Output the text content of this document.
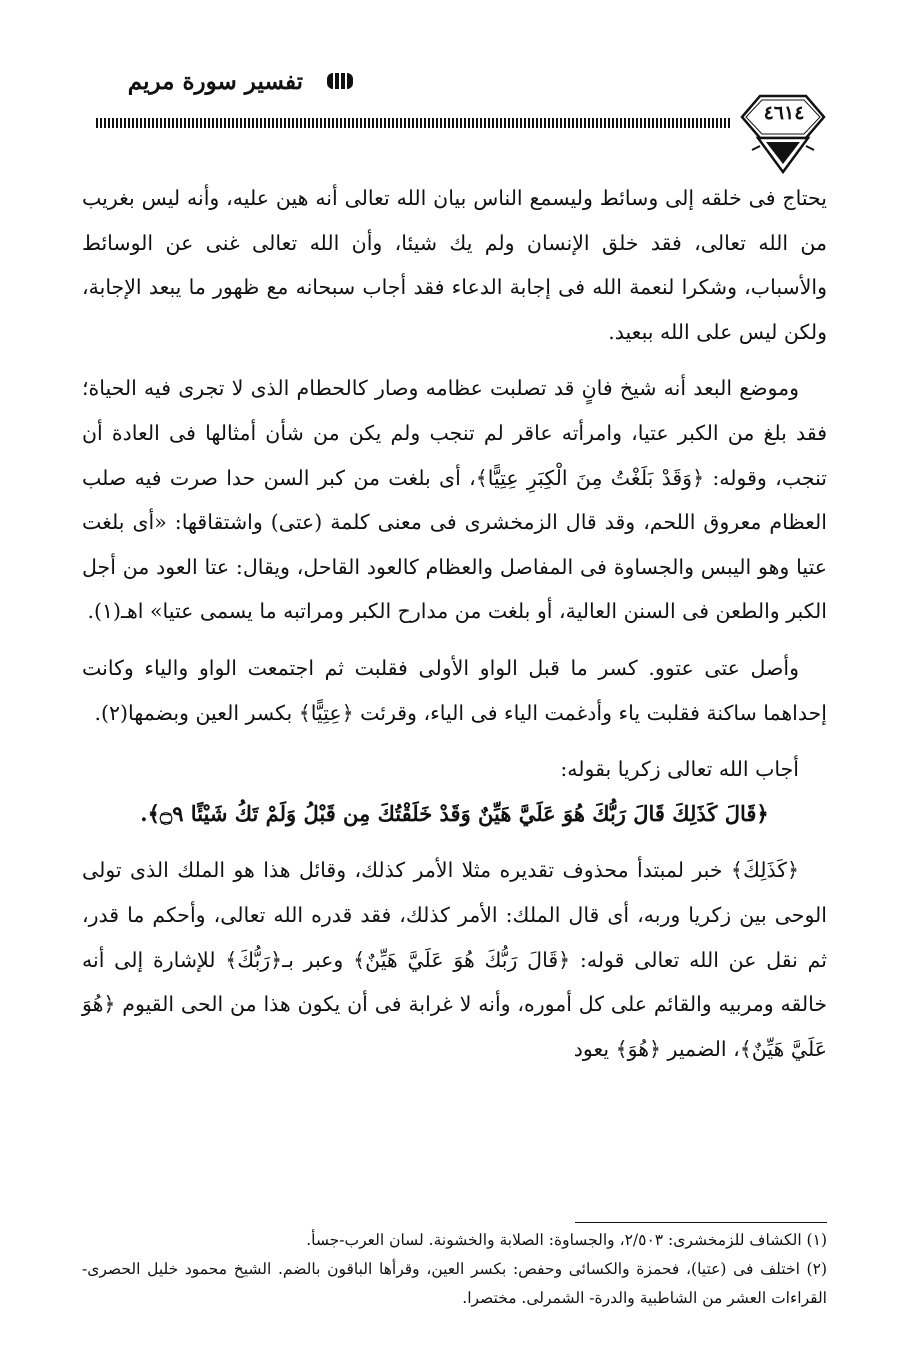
تفسير سورة مريم
٤٦١٤

يحتاج فى خلقه إلى وسائط وليسمع الناس بيان الله تعالى أنه هين عليه، وأنه ليس بغريب من الله تعالى، فقد خلق الإنسان ولم يك شيئا، وأن الله تعالى غنى عن الوسائط والأسباب، وشكرا لنعمة الله فى إجابة الدعاء فقد أجاب سبحانه مع ظهور ما يبعد الإجابة، ولكن ليس على الله ببعيد.

وموضع البعد أنه شيخ فانٍ قد تصلبت عظامه وصار كالحطام الذى لا تجرى فيه الحياة؛ فقد بلغ من الكبر عتيا، وامرأته عاقر لم تنجب ولم يكن من شأن أمثالها فى العادة أن تنجب، وقوله: ﴿وَقَدْ بَلَغْتُ مِنَ الْكِبَرِ عِتِيًّا﴾، أى بلغت من كبر السن حدا صرت فيه صلب العظام معروق اللحم، وقد قال الزمخشرى فى معنى كلمة (عتى) واشتقاقها: «أى بلغت عتيا وهو اليبس والجساوة فى المفاصل والعظام كالعود القاحل، ويقال: عتا العود من أجل الكبر والطعن فى السنن العالية، أو بلغت من مدارح الكبر ومراتبه ما يسمى عتيا» اهـ(١).

وأصل عتى عتوو. كسر ما قبل الواو الأولى فقلبت ثم اجتمعت الواو والياء وكانت إحداهما ساكنة فقلبت ياء وأدغمت الياء فى الياء، وقرئت ﴿عِتِيًّا﴾ بكسر العين وبضمها(٢).

أجاب الله تعالى زكريا بقوله:

﴿قَالَ كَذَلِكَ قَالَ رَبُّكَ هُوَ عَلَيَّ هَيِّنٌ وَقَدْ خَلَقْتُكَ مِن قَبْلُ وَلَمْ تَكُ شَيْئًا ۝٩﴾.

﴿كَذَلِكَ﴾ خبر لمبتدأ محذوف تقديره مثلا الأمر كذلك، وقائل هذا هو الملك الذى تولى الوحى بين زكريا وربه، أى قال الملك: الأمر كذلك، فقد قدره الله تعالى، وأحكم ما قدر، ثم نقل عن الله تعالى قوله: ﴿قَالَ رَبُّكَ هُوَ عَلَيَّ هَيِّنٌ﴾ وعبر بـ﴿رَبُّكَ﴾ للإشارة إلى أنه خالقه ومربيه والقائم على كل أموره، وأنه لا غرابة فى أن يكون هذا من الحى القيوم ﴿هُوَ عَلَيَّ هَيِّنٌ﴾، الضمير ﴿هُوَ﴾ يعود

(١) الكشاف للزمخشرى: ٢/٥٠٣، والجساوة: الصلابة والخشونة. لسان العرب-جسأ.

(٢) اختلف فى (عتيا)، فحمزة والكسائى وحفص: بكسر العين، وقرأها الباقون بالضم. الشيخ محمود خليل الحصرى- القراءات العشر من الشاطبية والدرة- الشمرلى. مختصرا.
